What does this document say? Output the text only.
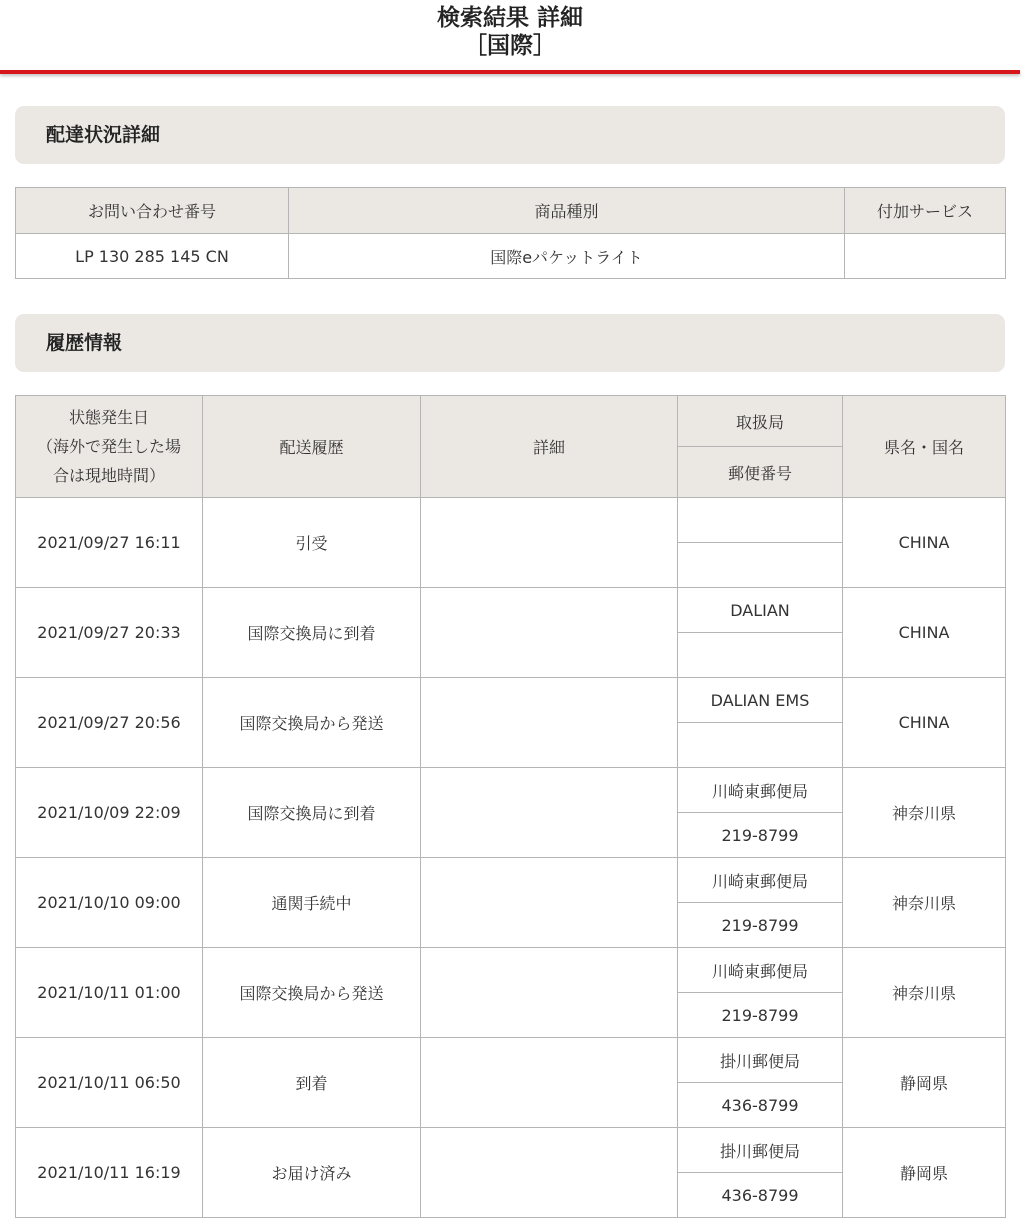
検索結果 詳細
［国際］
配達状況詳細
お問い合わせ番号	商品種別	付加サービス
LP 130 285 145 CN	国際eパケットライト	
履歴情報
状態発生日
（海外で発生した場
合は現地時間）	配送履歴	詳細	取扱局	県名・国名
			郵便番号	
2021/09/27 16:11	引受			CHINA

2021/09/27 20:33	国際交換局に到着		DALIAN	CHINA

2021/09/27 20:56	国際交換局から発送		DALIAN EMS	CHINA

2021/10/09 22:09	国際交換局に到着		川崎東郵便局	神奈川県
			219-8799	
2021/10/10 09:00	通関手続中		川崎東郵便局	神奈川県
			219-8799	
2021/10/11 01:00	国際交換局から発送		川崎東郵便局	神奈川県
			219-8799	
2021/10/11 06:50	到着		掛川郵便局	静岡県
			436-8799	
2021/10/11 16:19	お届け済み		掛川郵便局	静岡県
			436-8799	
